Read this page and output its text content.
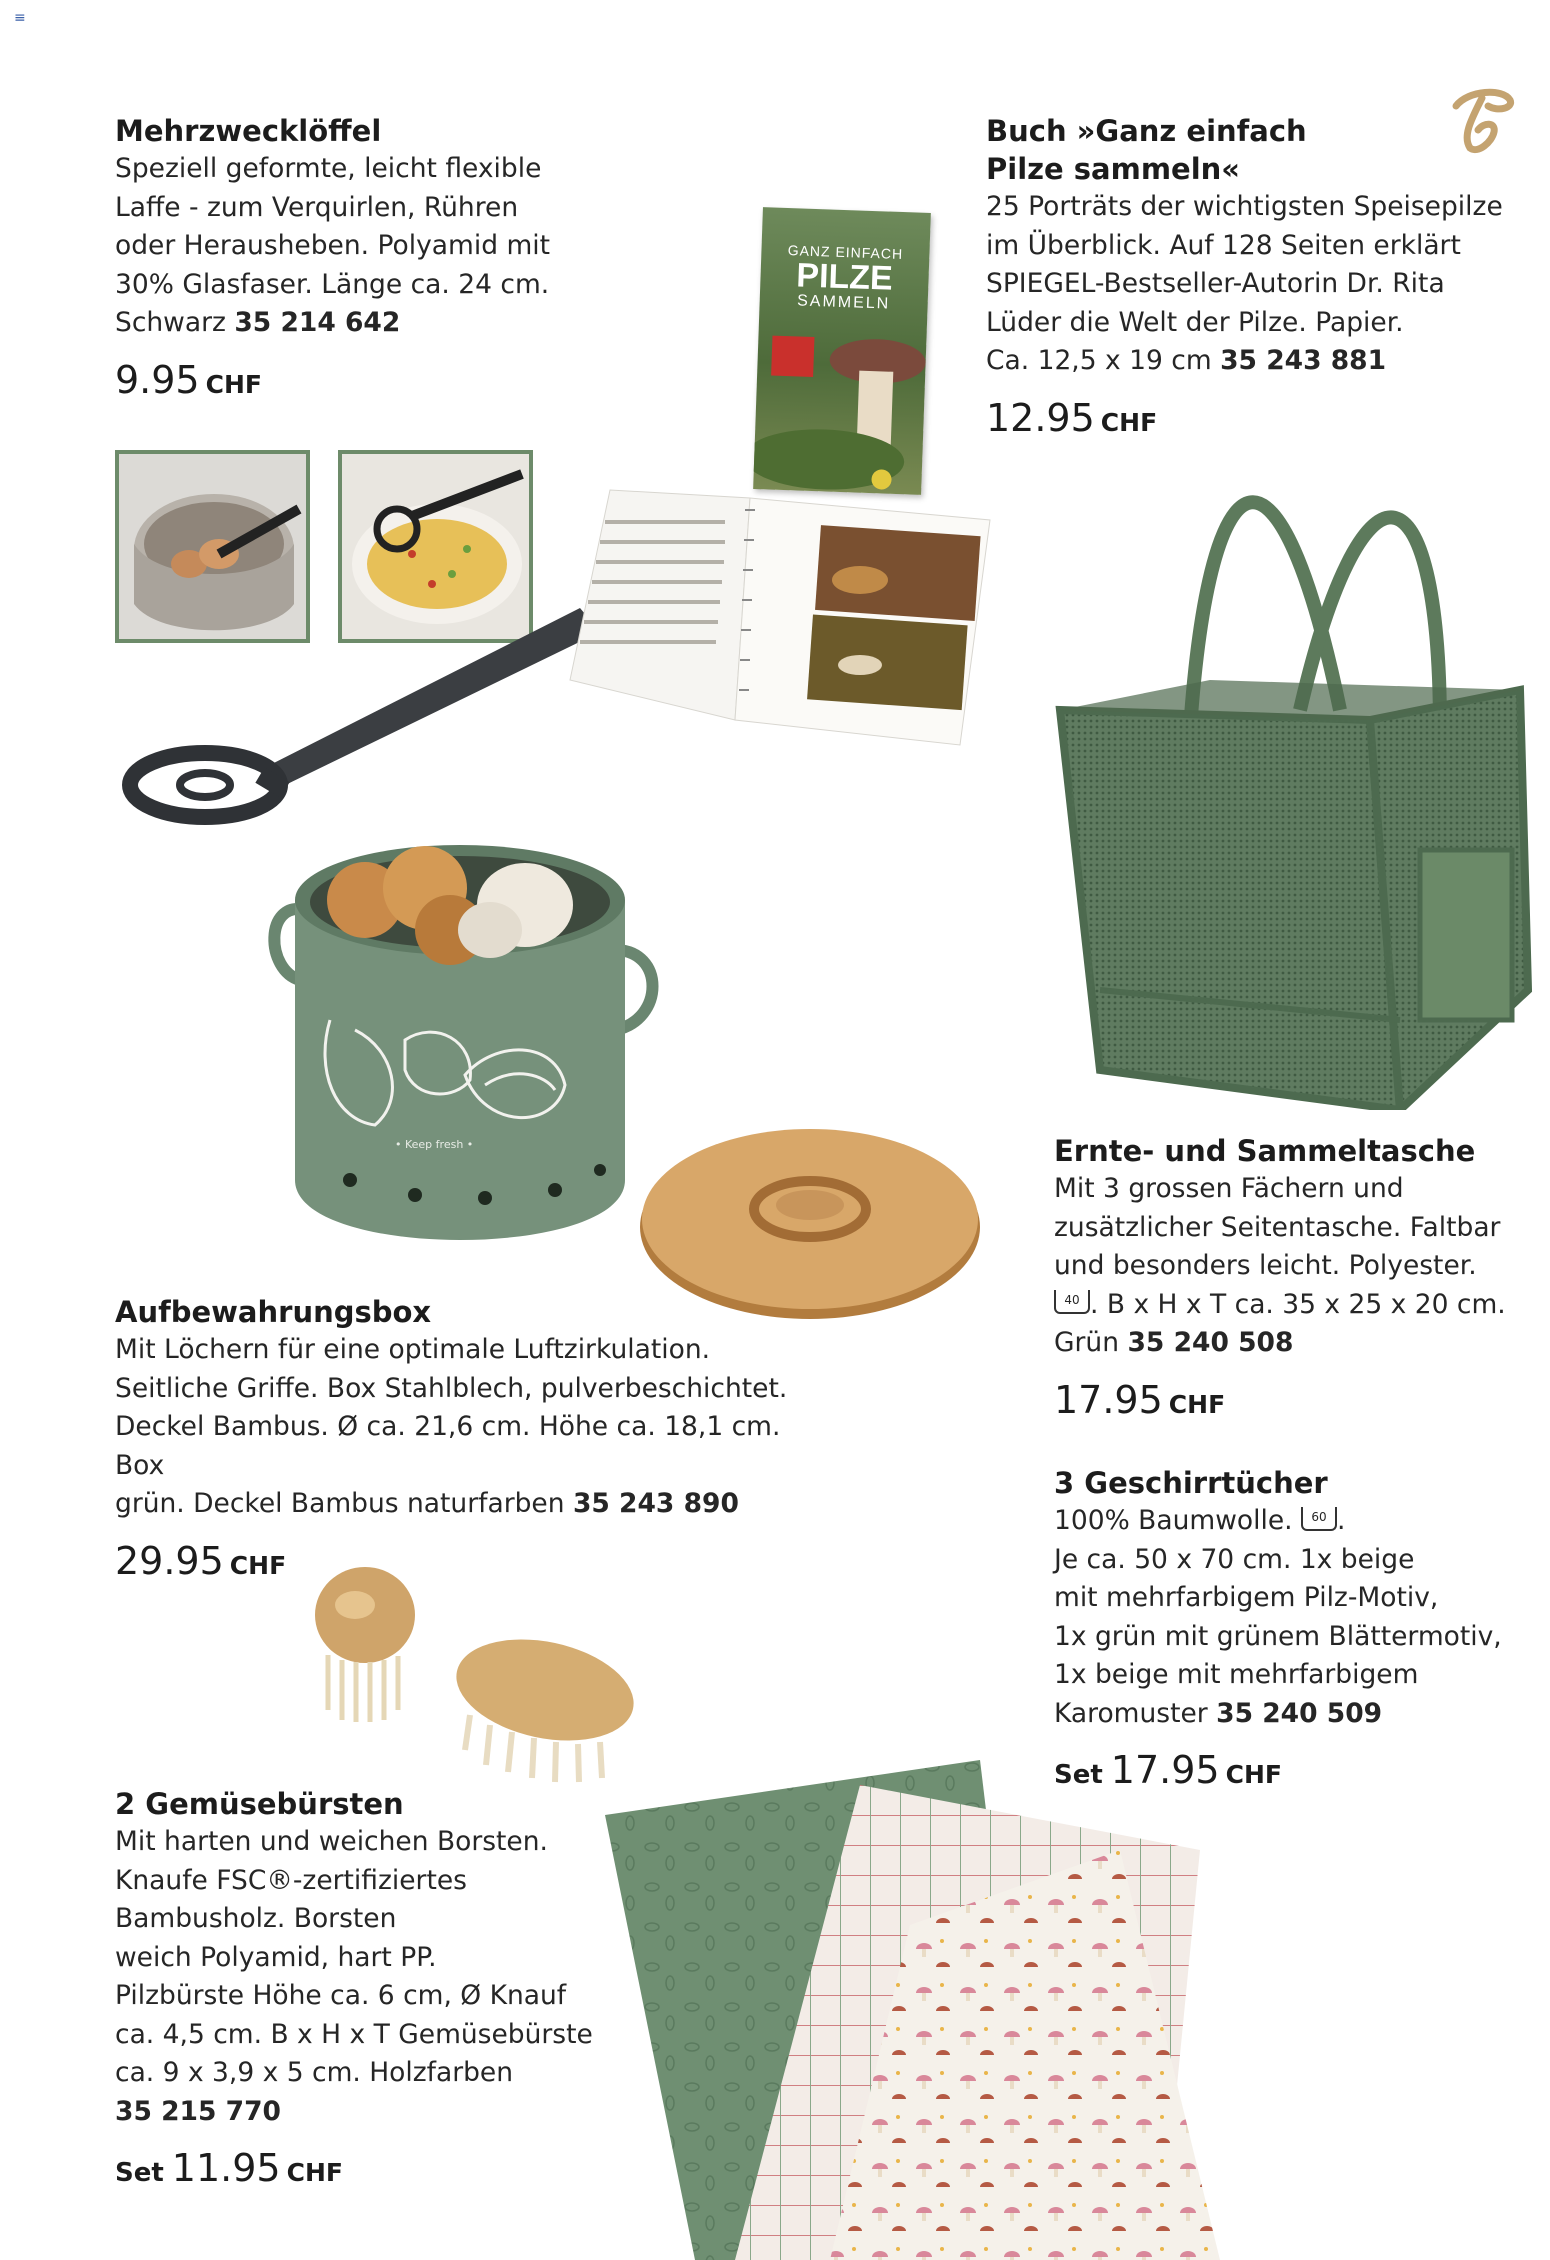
≡
Mehrzwecklöffel

Speziell geformte, leicht flexible
Laffe - zum Verquirlen, Rühren
oder Herausheben. Polyamid mit
30% Glasfaser. Länge ca. 24 cm.
Schwarz 35 214 642

9.95 CHF
GANZ EINFACH
PILZE
SAMMELN
Buch »Ganz einfach
Pilze sammeln«

25 Porträts der wichtigsten Speisepilze
im Überblick. Auf 128 Seiten erklärt
SPIEGEL-Bestseller-Autorin Dr. Rita
Lüder die Welt der Pilze. Papier.
Ca. 12,5 x 19 cm 35 243 881

12.95 CHF
Ernte- und Sammeltasche

Mit 3 grossen Fächern und
zusätzlicher Seitentasche. Faltbar
und besonders leicht. Polyester.
40 . B x H x T ca. 35 x 25 x 20 cm.
Grün 35 240 508

17.95 CHF
• Keep fresh •
Aufbewahrungsbox

Mit Löchern für eine optimale Luftzirkulation.
Seitliche Griffe. Box Stahlblech, pulverbeschichtet.
Deckel Bambus. Ø ca. 21,6 cm. Höhe ca. 18,1 cm. Box
grün. Deckel Bambus naturfarben 35 243 890

29.95 CHF
3 Geschirrtücher

100% Baumwolle. 60 .
Je ca. 50 x 70 cm. 1x beige
mit mehrfarbigem Pilz-Motiv,
1x grün mit grünem Blättermotiv,
1x beige mit mehrfarbigem
Karomuster 35 240 509

Set 17.95 CHF
2 Gemüsebürsten

Mit harten und weichen Borsten.
Knaufe FSC®-zertifiziertes
Bambusholz. Borsten
weich Polyamid, hart PP.
Pilzbürste Höhe ca. 6 cm, Ø Knauf
ca. 4,5 cm. B x H x T Gemüsebürste
ca. 9 x 3,9 x 5 cm. Holzfarben
35 215 770

Set 11.95 CHF
